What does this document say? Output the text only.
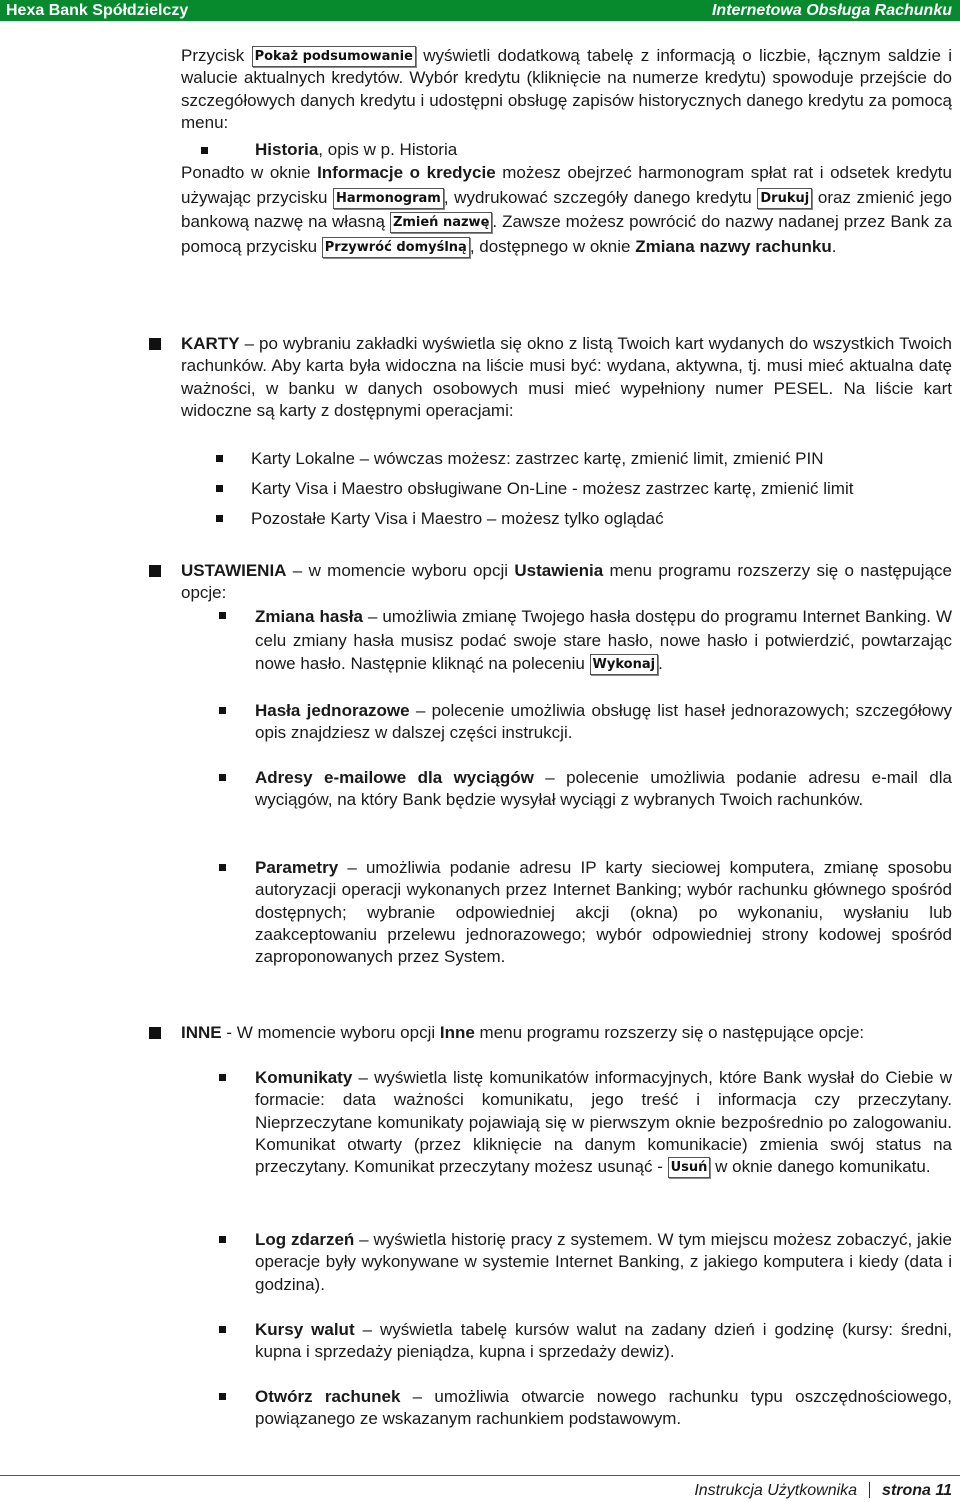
Hexa Bank Spółdzielczy	Internetowa Obsługa Rachunku

Przycisk Pokaż podsumowanie wyświetli dodatkową tabelę z informacją o liczbie, łącznym saldzie i walucie aktualnych kredytów. Wybór kredytu (kliknięcie na numerze kredytu) spowoduje przejście do szczegółowych danych kredytu i udostępni obsługę zapisów historycznych danego kredytu za pomocą menu:

Historia, opis w p. Historia

Ponadto w oknie Informacje o kredycie możesz obejrzeć harmonogram spłat rat i odsetek kredytu używając przycisku Harmonogram , wydrukować szczegóły danego kredytu Drukuj oraz zmienić jego bankową nazwę na własną Zmień nazwę . Zawsze możesz powrócić do nazwy nadanej przez Bank za pomocą przycisku Przywróć domyślną , dostępnego w oknie Zmiana nazwy rachunku.

KARTY – po wybraniu zakładki wyświetla się okno z listą Twoich kart wydanych do wszystkich Twoich rachunków. Aby karta była widoczna na liście musi być: wydana, aktywna, tj. musi mieć aktualna datę ważności, w banku w danych osobowych musi mieć wypełniony numer PESEL. Na liście kart widoczne są karty z dostępnymi operacjami:

Karty Lokalne – wówczas możesz: zastrzec kartę, zmienić limit, zmienić PIN
Karty Visa i Maestro obsługiwane On-Line - możesz zastrzec kartę, zmienić limit
Pozostałe Karty Visa i Maestro – możesz tylko oglądać

USTAWIENIA – w momencie wyboru opcji Ustawienia menu programu rozszerzy się o następujące opcje:

Zmiana hasła – umożliwia zmianę Twojego hasła dostępu do programu Internet Banking. W celu zmiany hasła musisz podać swoje stare hasło, nowe hasło i potwierdzić, powtarzając nowe hasło. Następnie kliknąć na poleceniu Wykonaj .

Hasła jednorazowe – polecenie umożliwia obsługę list haseł jednorazowych; szczegółowy opis znajdziesz w dalszej części instrukcji.

Adresy e-mailowe dla wyciągów – polecenie umożliwia podanie adresu e-mail dla wyciągów, na który Bank będzie wysyłał wyciągi z wybranych Twoich rachunków.

Parametry – umożliwia podanie adresu IP karty sieciowej komputera, zmianę sposobu autoryzacji operacji wykonanych przez Internet Banking; wybór rachunku głównego spośród dostępnych; wybranie odpowiedniej akcji (okna) po wykonaniu, wysłaniu lub zaakceptowaniu przelewu jednorazowego; wybór odpowiedniej strony kodowej spośród zaproponowanych przez System.

INNE - W momencie wyboru opcji Inne menu programu rozszerzy się o następujące opcje:

Komunikaty – wyświetla listę komunikatów informacyjnych, które Bank wysłał do Ciebie w formacie: data ważności komunikatu, jego treść i informacja czy przeczytany. Nieprzeczytane komunikaty pojawiają się w pierwszym oknie bezpośrednio po zalogowaniu. Komunikat otwarty (przez kliknięcie na danym komunikacie) zmienia swój status na przeczytany. Komunikat przeczytany możesz usunąć - Usuń w oknie danego komunikatu.

Log zdarzeń – wyświetla historię pracy z systemem. W tym miejscu możesz zobaczyć, jakie operacje były wykonywane w systemie Internet Banking, z jakiego komputera i kiedy (data i godzina).

Kursy walut – wyświetla tabelę kursów walut na zadany dzień i godzinę (kursy: średni, kupna i sprzedaży pieniądza, kupna i sprzedaży dewiz).

Otwórz rachunek – umożliwia otwarcie nowego rachunku typu oszczędnościowego, powiązanego ze wskazanym rachunkiem podstawowym.

Instrukcja Użytkownika strona 11
